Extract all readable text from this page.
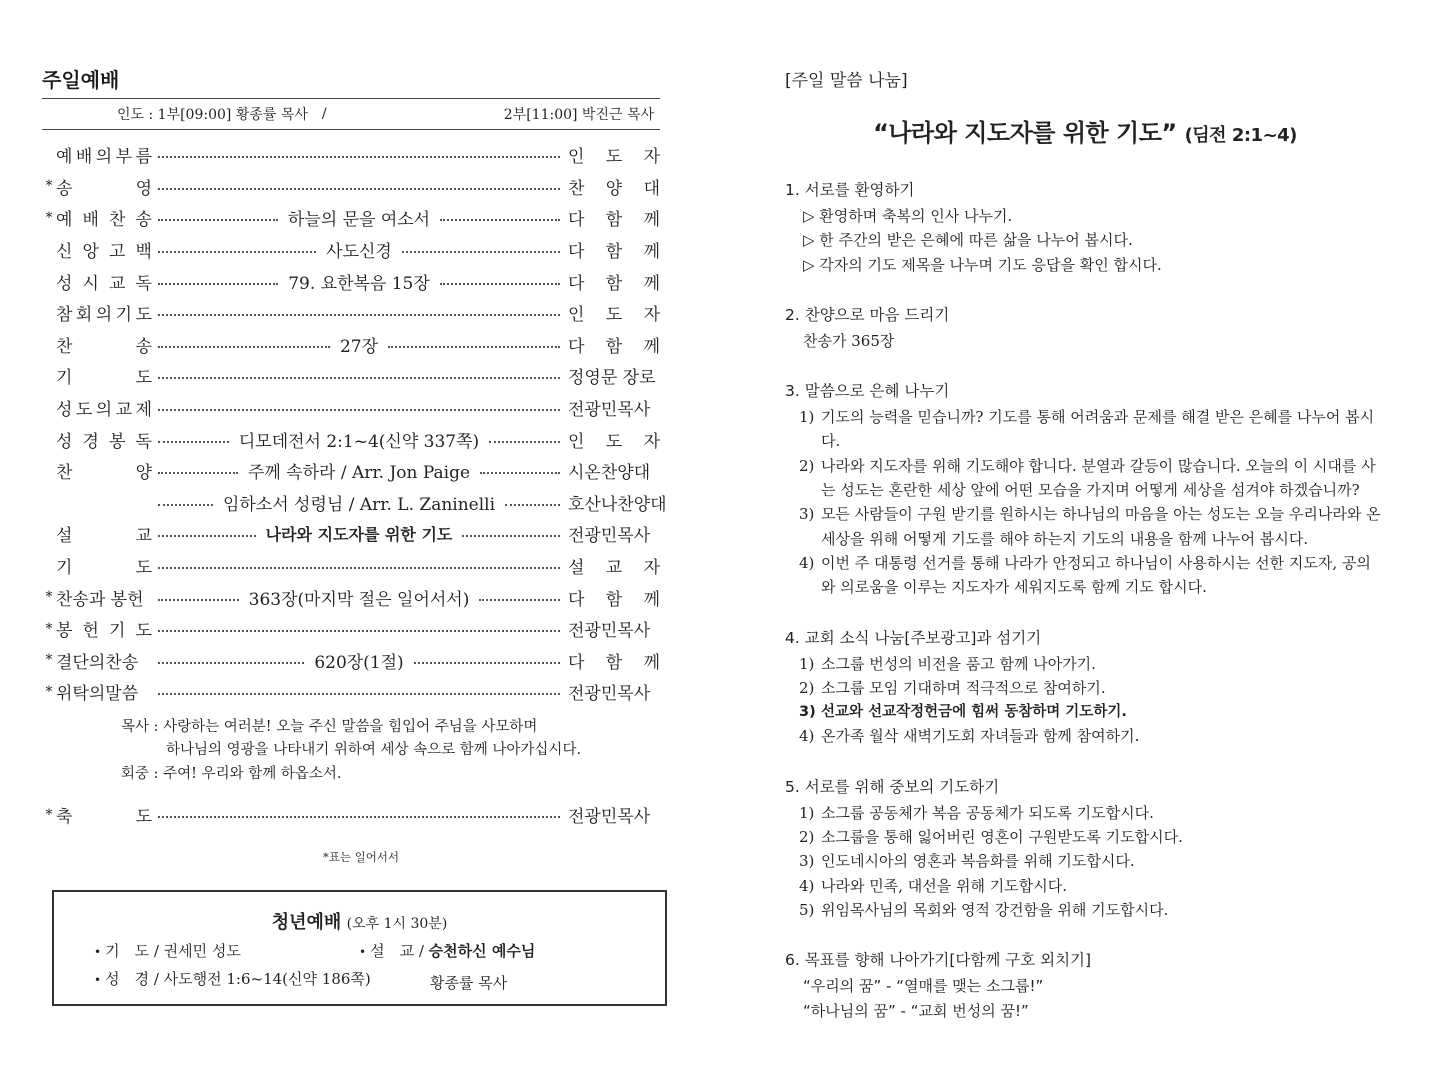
주일예배
인도 : 1부[09:00] 황종률 목사 /	2부[11:00] 박진근 목사
예 배 의 부 름	인 도 자
* 송	영	찬 양 대
* 예 배 찬 송	하늘의 문을 여소서	다 함 께
신 앙 고 백	사도신경	다 함 께
성 시 교 독	79. 요한복음 15장	다 함 께
참 회 의 기 도	인 도 자
찬	송	27장	다 함 께
기	도	정영문 장로
성 도 의 교 제	전광민목사
성 경 봉 독	디모데전서 2:1~4(신약 337쪽)	인 도 자
찬	양	주께 속하라 / Arr. Jon Paige	시온찬양대
임하소서 성령님 / Arr. L. Zaninelli	호산나찬양대
설	교	나라와 지도자를 위한 기도	전광민목사
기	도	설 교 자
* 찬송과 봉헌	363장(마지막 절은 일어서서)	다 함 께
* 봉 헌 기 도	전광민목사
* 결단의찬송	620장(1절)	다 함 께
* 위탁의말씀	전광민목사
목사 : 사랑하는 여러분! 오늘 주신 말씀을 힘입어 주님을 사모하며
하나님의 영광을 나타내기 위하여 세상 속으로 함께 나아가십시다.
회중 : 주여! 우리와 함께 하옵소서.
* 축	도	전광민목사
*표는 일어서서
청년예배 (오후 1시 30분)
• 기　도 / 권세민 성도	• 설　교 / 승천하신 예수님
• 성　경 / 사도행전 1:6~14(신약 186쪽)	황종률 목사
[주일 말씀 나눔]
“나라와 지도자를 위한 기도” (딤전 2:1~4)
1. 서로를 환영하기
▷ 환영하며 축복의 인사 나누기.
▷ 한 주간의 받은 은혜에 따른 삶을 나누어 봅시다.
▷ 각자의 기도 제목을 나누며 기도 응답을 확인 합시다.
2. 찬양으로 마음 드리기
찬송가 365장
3. 말씀으로 은혜 나누기
1) 기도의 능력을 믿습니까? 기도를 통해 어려움과 문제를 해결 받은 은혜를 나누어 봅시다.
2) 나라와 지도자를 위해 기도해야 합니다. 분열과 갈등이 많습니다. 오늘의 이 시대를 사는 성도는 혼란한 세상 앞에 어떤 모습을 가지며 어떻게 세상을 섬겨야 하겠습니까?
3) 모든 사람들이 구원 받기를 원하시는 하나님의 마음을 아는 성도는 오늘 우리나라와 온 세상을 위해 어떻게 기도를 해야 하는지 기도의 내용을 함께 나누어 봅시다.
4) 이번 주 대통령 선거를 통해 나라가 안정되고 하나님이 사용하시는 선한 지도자, 공의와 의로움을 이루는 지도자가 세워지도록 함께 기도 합시다.
4. 교회 소식 나눔[주보광고]과 섬기기
1) 소그룹 번성의 비전을 품고 함께 나아가기.
2) 소그룹 모임 기대하며 적극적으로 참여하기.
3) 선교와 선교작정헌금에 힘써 동참하며 기도하기.
4) 온가족 월삭 새벽기도회 자녀들과 함께 참여하기.
5. 서로를 위해 중보의 기도하기
1) 소그룹 공동체가 복음 공동체가 되도록 기도합시다.
2) 소그룹을 통해 잃어버린 영혼이 구원받도록 기도합시다.
3) 인도네시아의 영혼과 복음화를 위해 기도합시다.
4) 나라와 민족, 대선을 위해 기도합시다.
5) 위임목사님의 목회와 영적 강건함을 위해 기도합시다.
6. 목표를 향해 나아가기[다함께 구호 외치기]
“우리의 꿈” - “열매를 맺는 소그룹!”
“하나님의 꿈” - “교회 번성의 꿈!”
